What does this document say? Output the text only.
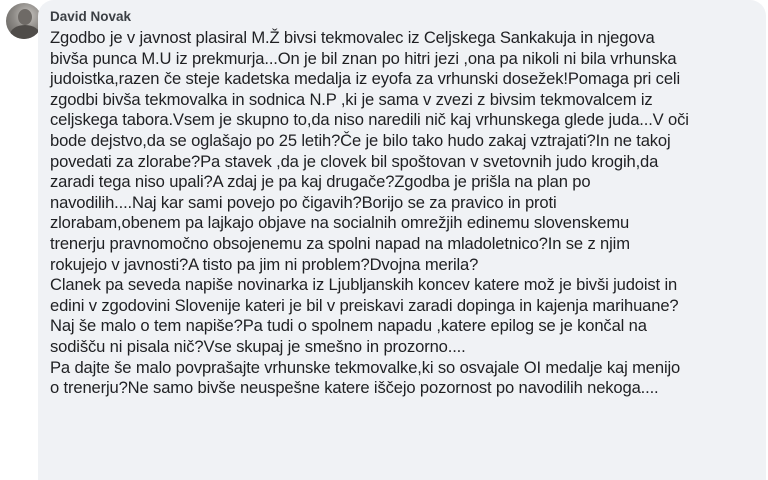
David Novak
Zgodbo je v javnost plasiral M.Ž bivsi tekmovalec iz Celjskega Sankakuja in njegova
bivša punca M.U iz prekmurja...On je bil znan po hitri jezi ,ona pa nikoli ni bila vrhunska
judoistka,razen če steje kadetska medalja iz eyofa za vrhunski dosežek!Pomaga pri celi
zgodbi bivša tekmovalka in sodnica N.P ,ki je sama v zvezi z bivsim tekmovalcem iz
celjskega tabora.Vsem je skupno to,da niso naredili nič kaj vrhunskega glede juda...V oči
bode dejstvo,da se oglašajo po 25 letih?Če je bilo tako hudo zakaj vztrajati?In ne takoj
povedati za zlorabe?Pa stavek ,da je clovek bil spoštovan v svetovnih judo krogih,da
zaradi tega niso upali?A zdaj je pa kaj drugače?Zgodba je prišla na plan po
navodilih....Naj kar sami povejo po čigavih?Borijo se za pravico in proti
zlorabam,obenem pa lajkajo objave na socialnih omrežjih edinemu slovenskemu
trenerju pravnomočno obsojenemu za spolni napad na mladoletnico?In se z njim
rokujejo v javnosti?A tisto pa jim ni problem?Dvojna merila?
Clanek pa seveda napiše novinarka iz Ljubljanskih koncev katere mož je bivši judoist in
edini v zgodovini Slovenije kateri je bil v preiskavi zaradi dopinga in kajenja marihuane?
Naj še malo o tem napiše?Pa tudi o spolnem napadu ,katere epilog se je končal na
sodišču ni pisala nič?Vse skupaj je smešno in prozorno....
Pa dajte še malo povprašajte vrhunske tekmovalke,ki so osvajale OI medalje kaj menijo
o trenerju?Ne samo bivše neuspešne katere iščejo pozornost po navodilih nekoga....
